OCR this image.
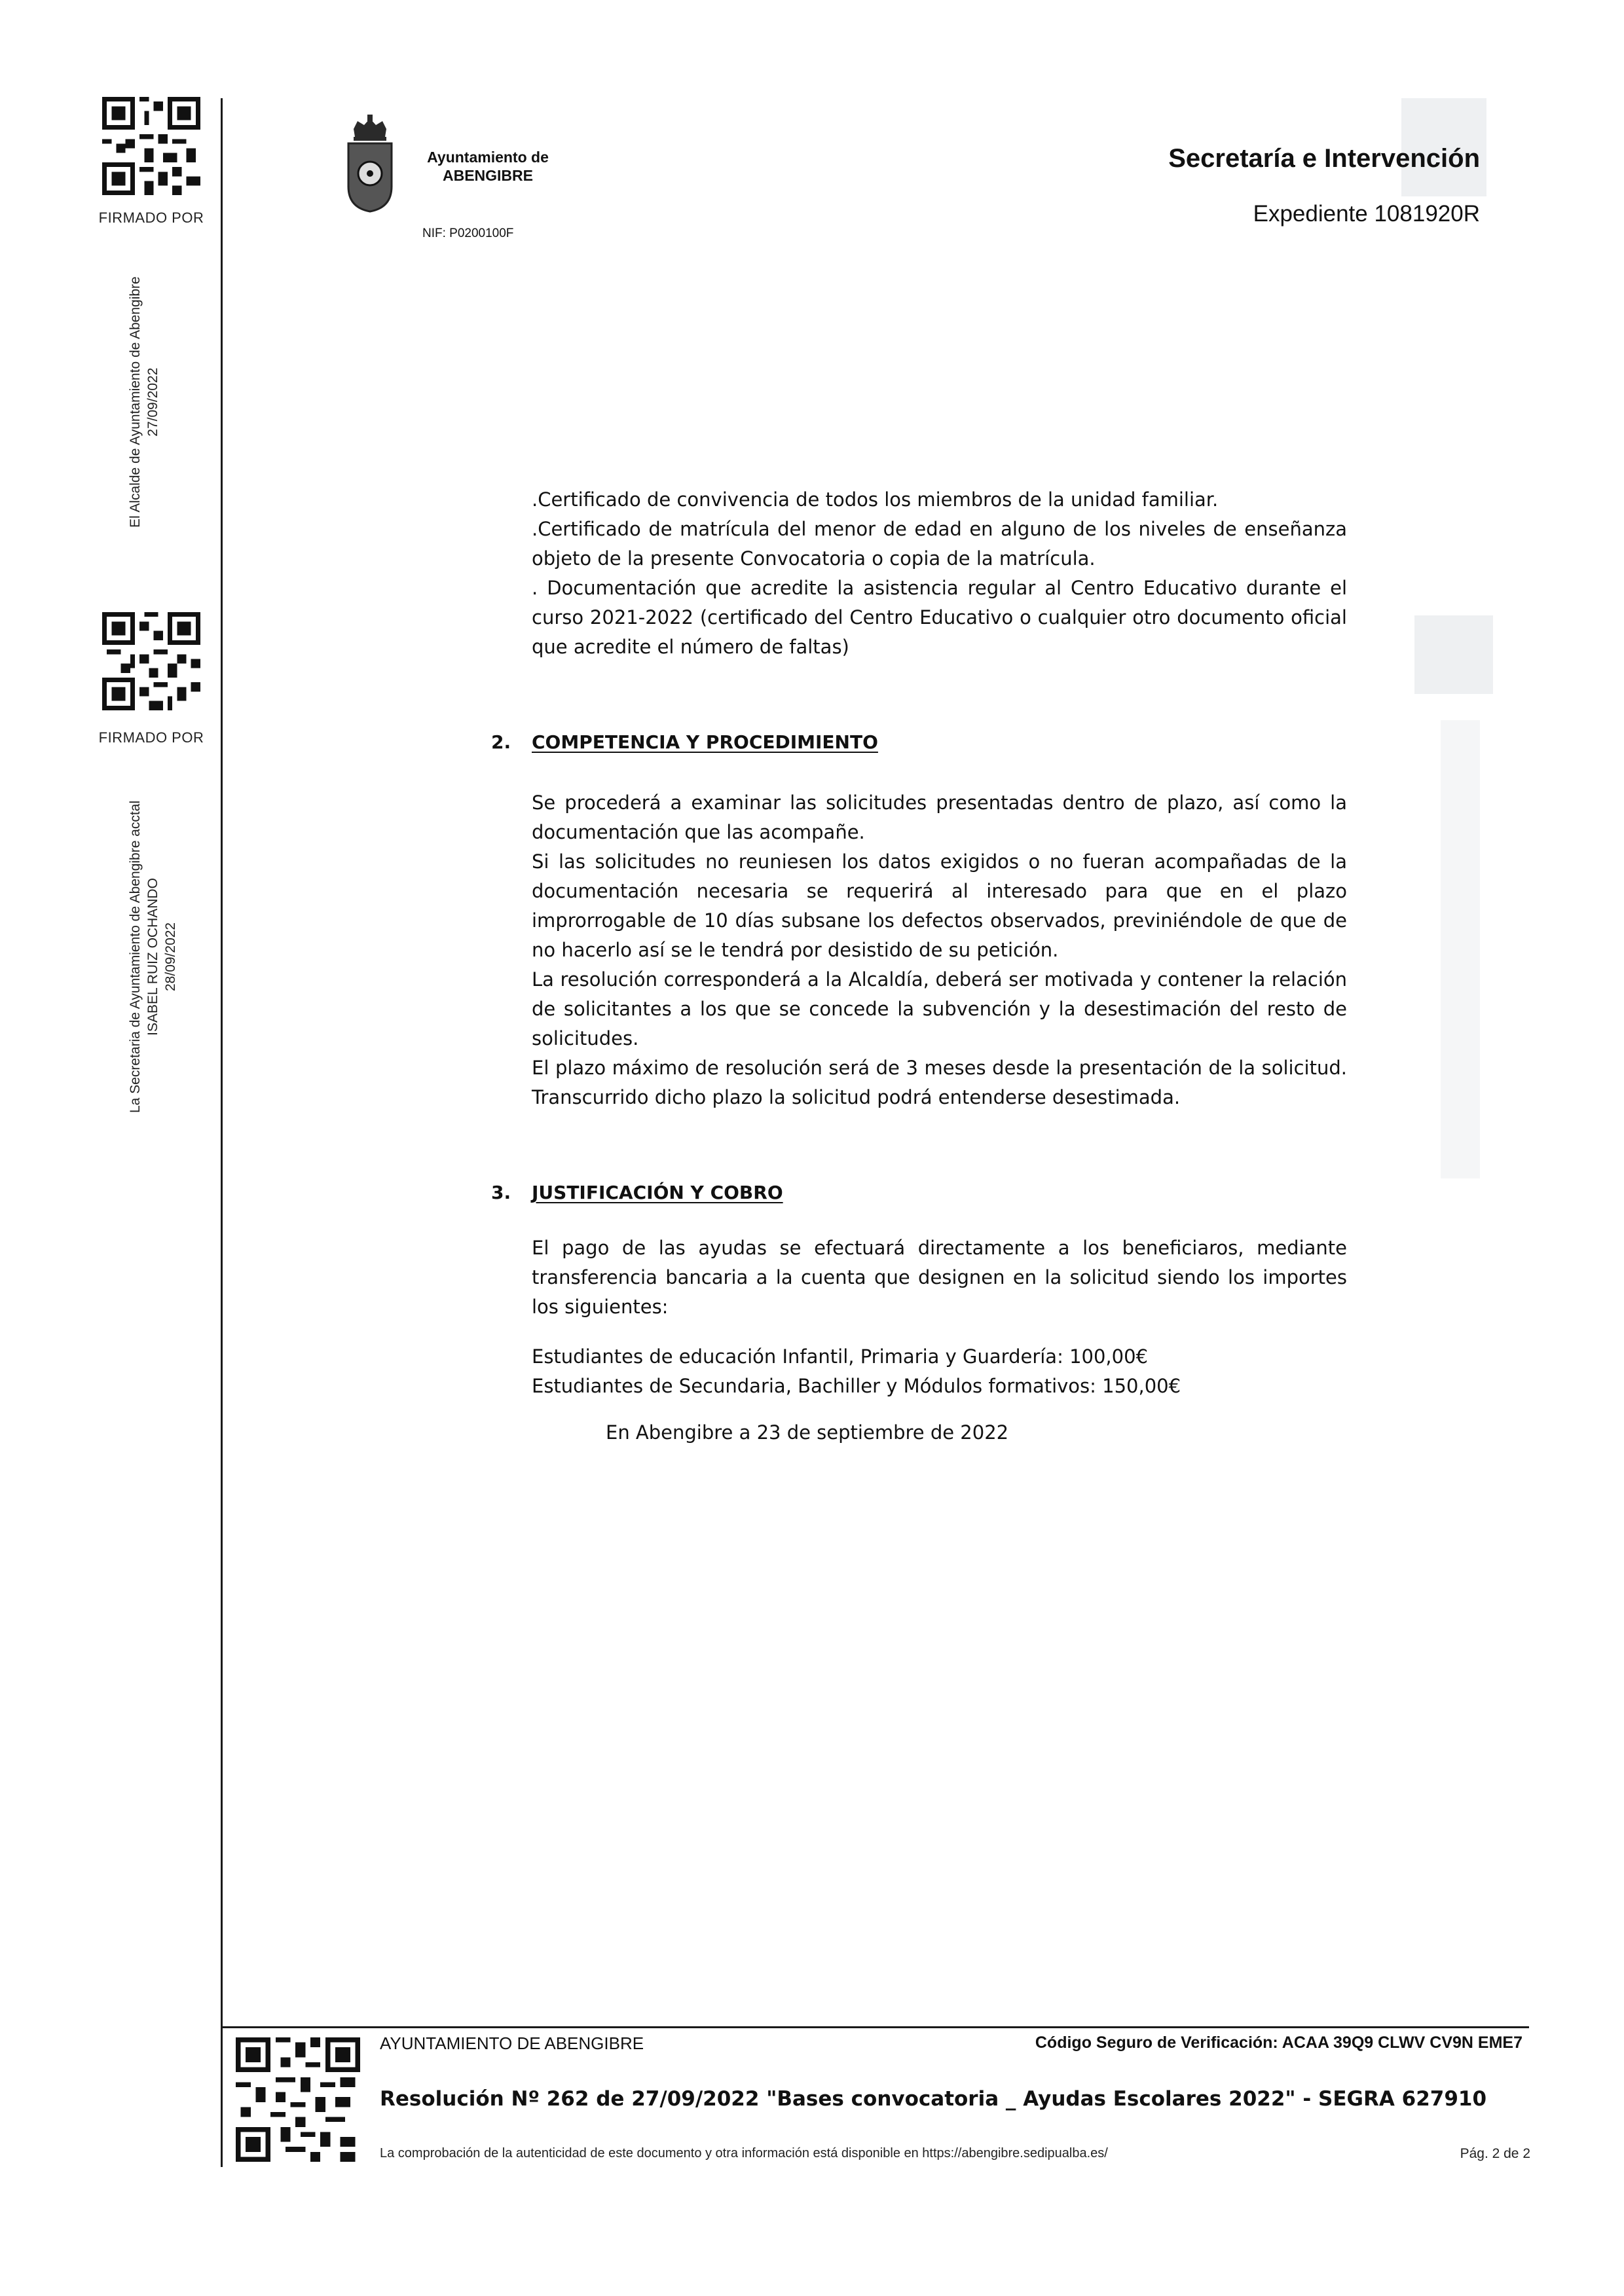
FIRMADO POR
El Alcalde de Ayuntamiento de Abengibre 27/09/2022
FIRMADO POR
La Secretaria de Ayuntamiento de Abengibre acctal ISABEL RUIZ OCHANDO 28/09/2022
Ayuntamiento de
ABENGIBRE
NIF: P0200100F
Secretaría e Intervención
Expediente 1081920R
.Certificado de convivencia de todos los miembros de la unidad familiar.
.Certificado de matrícula del menor de edad en alguno de los niveles de enseñanza objeto de la presente Convocatoria o copia de la matrícula.
. Documentación que acredite la asistencia regular al Centro Educativo durante el curso 2021-2022 (certificado del Centro Educativo o cualquier otro documento oficial que acredite el número de faltas)
2. COMPETENCIA Y PROCEDIMIENTO
Se procederá a examinar las solicitudes presentadas dentro de plazo, así como la documentación que las acompañe.
Si las solicitudes no reuniesen los datos exigidos o no fueran acompañadas de la documentación necesaria se requerirá al interesado para que en el plazo improrrogable de 10 días subsane los defectos observados, previniéndole de que de no hacerlo así se le tendrá por desistido de su petición.
La resolución corresponderá a la Alcaldía, deberá ser motivada y contener la relación de solicitantes a los que se concede la subvención y la desestimación del resto de solicitudes.
El plazo máximo de resolución será de 3 meses desde la presentación de la solicitud. Transcurrido dicho plazo la solicitud podrá entenderse desestimada.
3. JUSTIFICACIÓN Y COBRO
El pago de las ayudas se efectuará directamente a los beneficiaros, mediante transferencia bancaria a la cuenta que designen en la solicitud siendo los importes los siguientes:
Estudiantes de educación Infantil, Primaria y Guardería: 100,00€
Estudiantes de Secundaria, Bachiller y Módulos formativos: 150,00€
En Abengibre a 23 de septiembre de 2022
AYUNTAMIENTO DE ABENGIBRE	Código Seguro de Verificación: ACAA 39Q9 CLWV CV9N EME7
Resolución Nº 262 de 27/09/2022 "Bases convocatoria _ Ayudas Escolares 2022" - SEGRA 627910
La comprobación de la autenticidad de este documento y otra información está disponible en https://abengibre.sedipualba.es/	Pág. 2 de 2
